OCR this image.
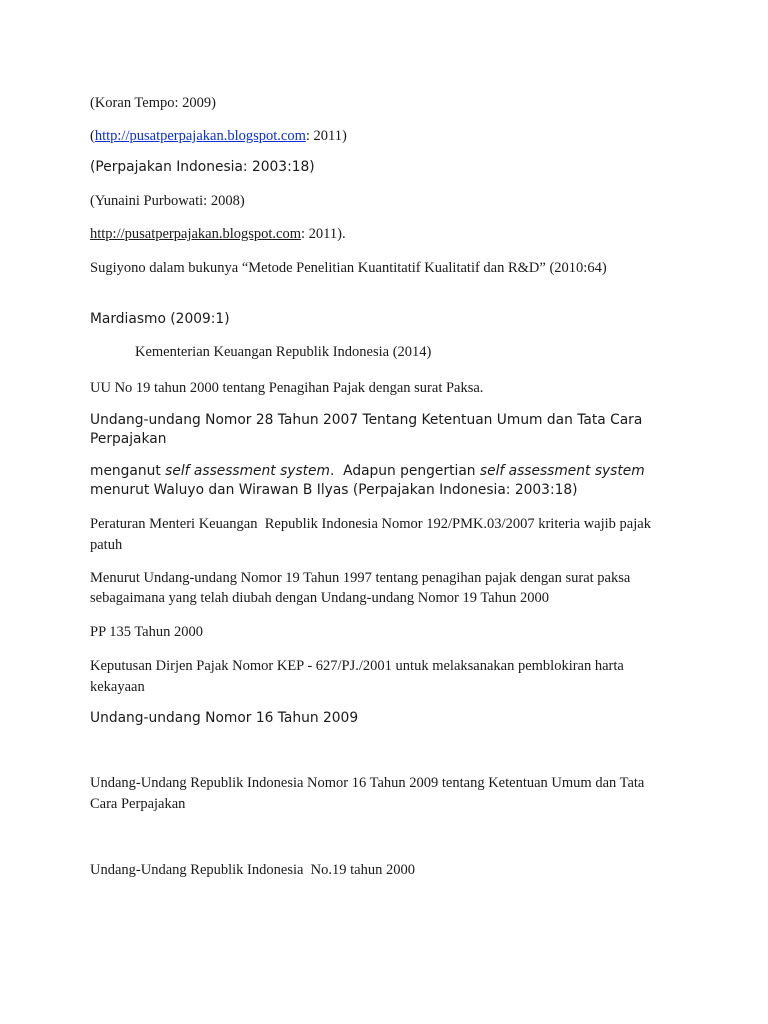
(Koran Tempo: 2009)

(http://pusatperpajakan.blogspot.com: 2011)

(Perpajakan Indonesia: 2003:18)

(Yunaini Purbowati: 2008)

http://pusatperpajakan.blogspot.com: 2011).

Sugiyono dalam bukunya “Metode Penelitian Kuantitatif Kualitatif dan R&D” (2010:64)

Mardiasmo (2009:1)

Kementerian Keuangan Republik Indonesia (2014)

UU No 19 tahun 2000 tentang Penagihan Pajak dengan surat Paksa.

Undang-undang Nomor 28 Tahun 2007 Tentang Ketentuan Umum dan Tata Cara

Perpajakan

menganut self assessment system.  Adapun pengertian self assessment system

menurut Waluyo dan Wirawan B Ilyas (Perpajakan Indonesia: 2003:18)

Peraturan Menteri Keuangan  Republik Indonesia Nomor 192/PMK.03/2007 kriteria wajib pajak

patuh

Menurut Undang-undang Nomor 19 Tahun 1997 tentang penagihan pajak dengan surat paksa

sebagaimana yang telah diubah dengan Undang-undang Nomor 19 Tahun 2000

PP 135 Tahun 2000

Keputusan Dirjen Pajak Nomor KEP - 627/PJ./2001 untuk melaksanakan pemblokiran harta

kekayaan

Undang-undang Nomor 16 Tahun 2009

Undang-Undang Republik Indonesia Nomor 16 Tahun 2009 tentang Ketentuan Umum dan Tata

Cara Perpajakan

Undang-Undang Republik Indonesia  No.19 tahun 2000
